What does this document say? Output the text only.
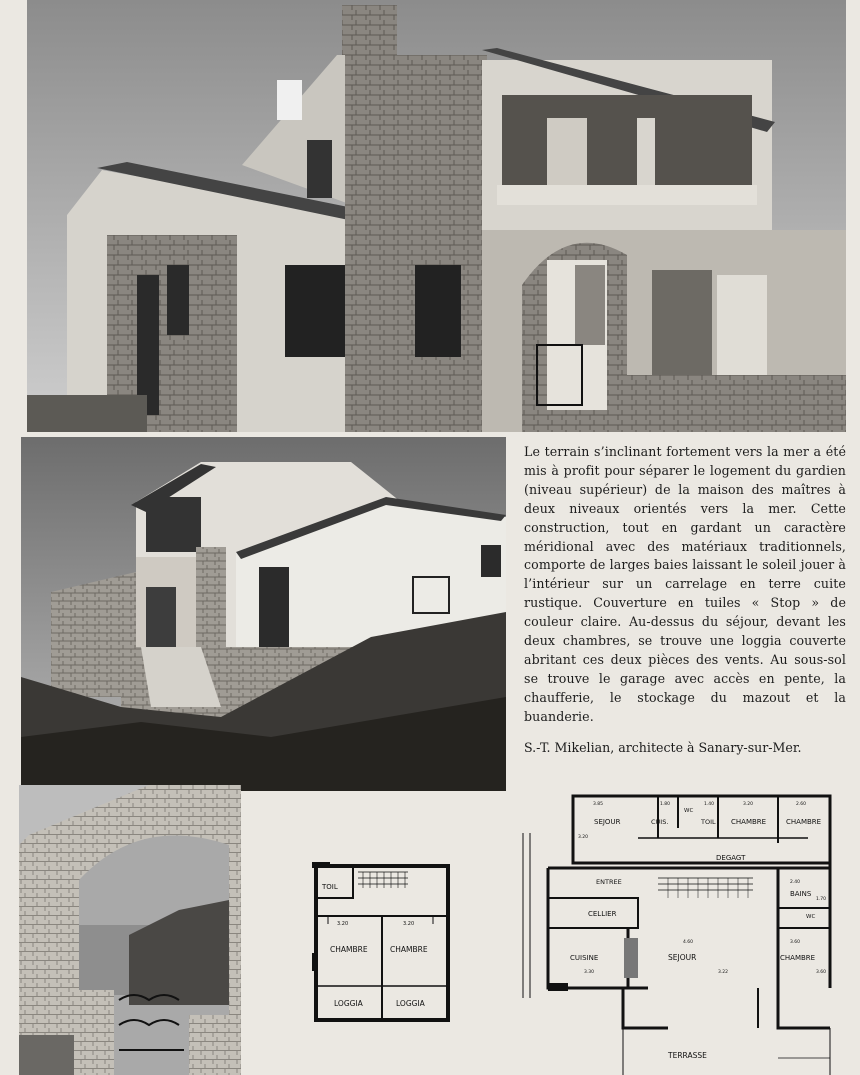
Le terrain s’inclinant fortement vers la mer a été mis à profit pour séparer le logement du gardien (niveau supérieur) de la maison des maîtres à deux niveaux orientés vers la mer. Cette construction, tout en gardant un caractère méridional avec des matériaux traditionnels, comporte de larges baies laissant le soleil jouer à l’intérieur sur un carrelage en terre cuite rustique. Couverture en tuiles « Stop » de couleur claire. Au-dessus du séjour, devant les deux chambres, se trouve une loggia couverte abritant ces deux pièces des vents. Au sous-sol se trouve le garage avec accès en pente, la chaufferie, le stockage du mazout et la buanderie.

S.-T. Mikelian, architecte à Sanary-sur-Mer.
TOIL
3.20	3.20
CHAMBRE	CHAMBRE
LOGGIA	LOGGIA
SEJOUR	CUIS.
WC
TOIL CHAMBRE	CHAMBRE
DEGAGT
ENTREE
BAINS
WC
CELLIER
CUISINE	SEJOUR	CHAMBRE
TERRASSE
3.85	1.80	1.40	3.20	2.60
3.20
2.40
1.70
4.60	3.60
3.30	3.22	3.60
